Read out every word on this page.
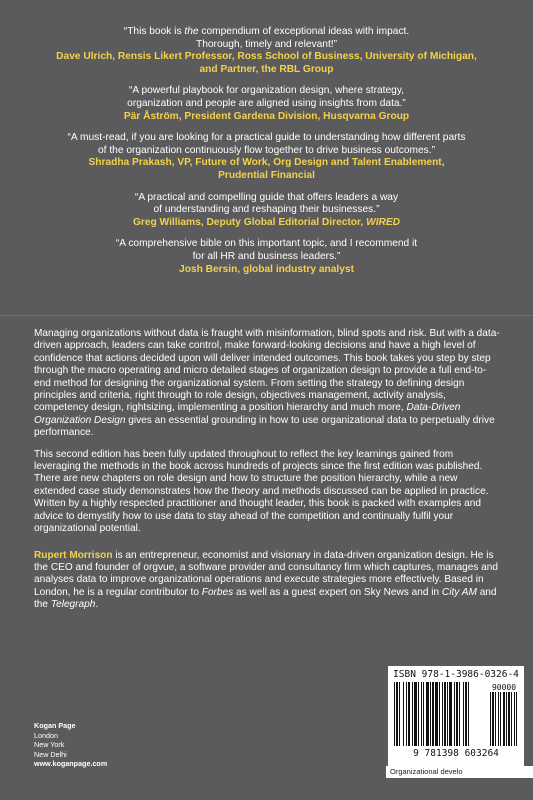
“This book is the compendium of exceptional ideas with impact.
Thorough, timely and relevant!”
Dave Ulrich, Rensis Likert Professor, Ross School of Business, University of Michigan,
and Partner, the RBL Group
“A powerful playbook for organization design, where strategy,
organization and people are aligned using insights from data.”
Pär Åström, President Gardena Division, Husqvarna Group
“A must-read, if you are looking for a practical guide to understanding how different parts
of the organization continuously flow together to drive business outcomes.”
Shradha Prakash, VP, Future of Work, Org Design and Talent Enablement,
Prudential Financial
“A practical and compelling guide that offers leaders a way
of understanding and reshaping their businesses.”
Greg Williams, Deputy Global Editorial Director, WIRED
“A comprehensive bible on this important topic, and I recommend it
for all HR and business leaders.”
Josh Bersin, global industry analyst

Managing organizations without data is fraught with misinformation, blind spots and risk. But with a data-driven approach, leaders can take control, make forward-looking decisions and have a high level of confidence that actions decided upon will deliver intended outcomes. This book takes you step by step through the macro operating and micro detailed stages of organization design to provide a full end-to-end method for designing the organizational system. From setting the strategy to defining design principles and criteria, right through to role design, objectives management, activity analysis, competency design, rightsizing, implementing a position hierarchy and much more, Data-Driven Organization Design gives an essential grounding in how to use organizational data to perpetually drive performance.

This second edition has been fully updated throughout to reflect the key learnings gained from leveraging the methods in the book across hundreds of projects since the first edition was published. There are new chapters on role design and how to structure the position hierarchy, while a new extended case study demonstrates how the theory and methods discussed can be applied in practice. Written by a highly respected practitioner and thought leader, this book is packed with examples and advice to demystify how to use data to stay ahead of the competition and continually fulfil your organizational potential.

Rupert Morrison is an entrepreneur, economist and visionary in data-driven organization design. He is the CEO and founder of orgvue, a software provider and consultancy firm which captures, manages and analyses data to improve organizational operations and execute strategies more effectively. Based in London, he is a regular contributor to Forbes as well as a guest expert on Sky News and in City AM and the Telegraph.

Kogan Page
London
New York
New Delhi
www.koganpage.com
ISBN 978-1-3986-0326-4
90000
9 781398 603264
Organizational develo
